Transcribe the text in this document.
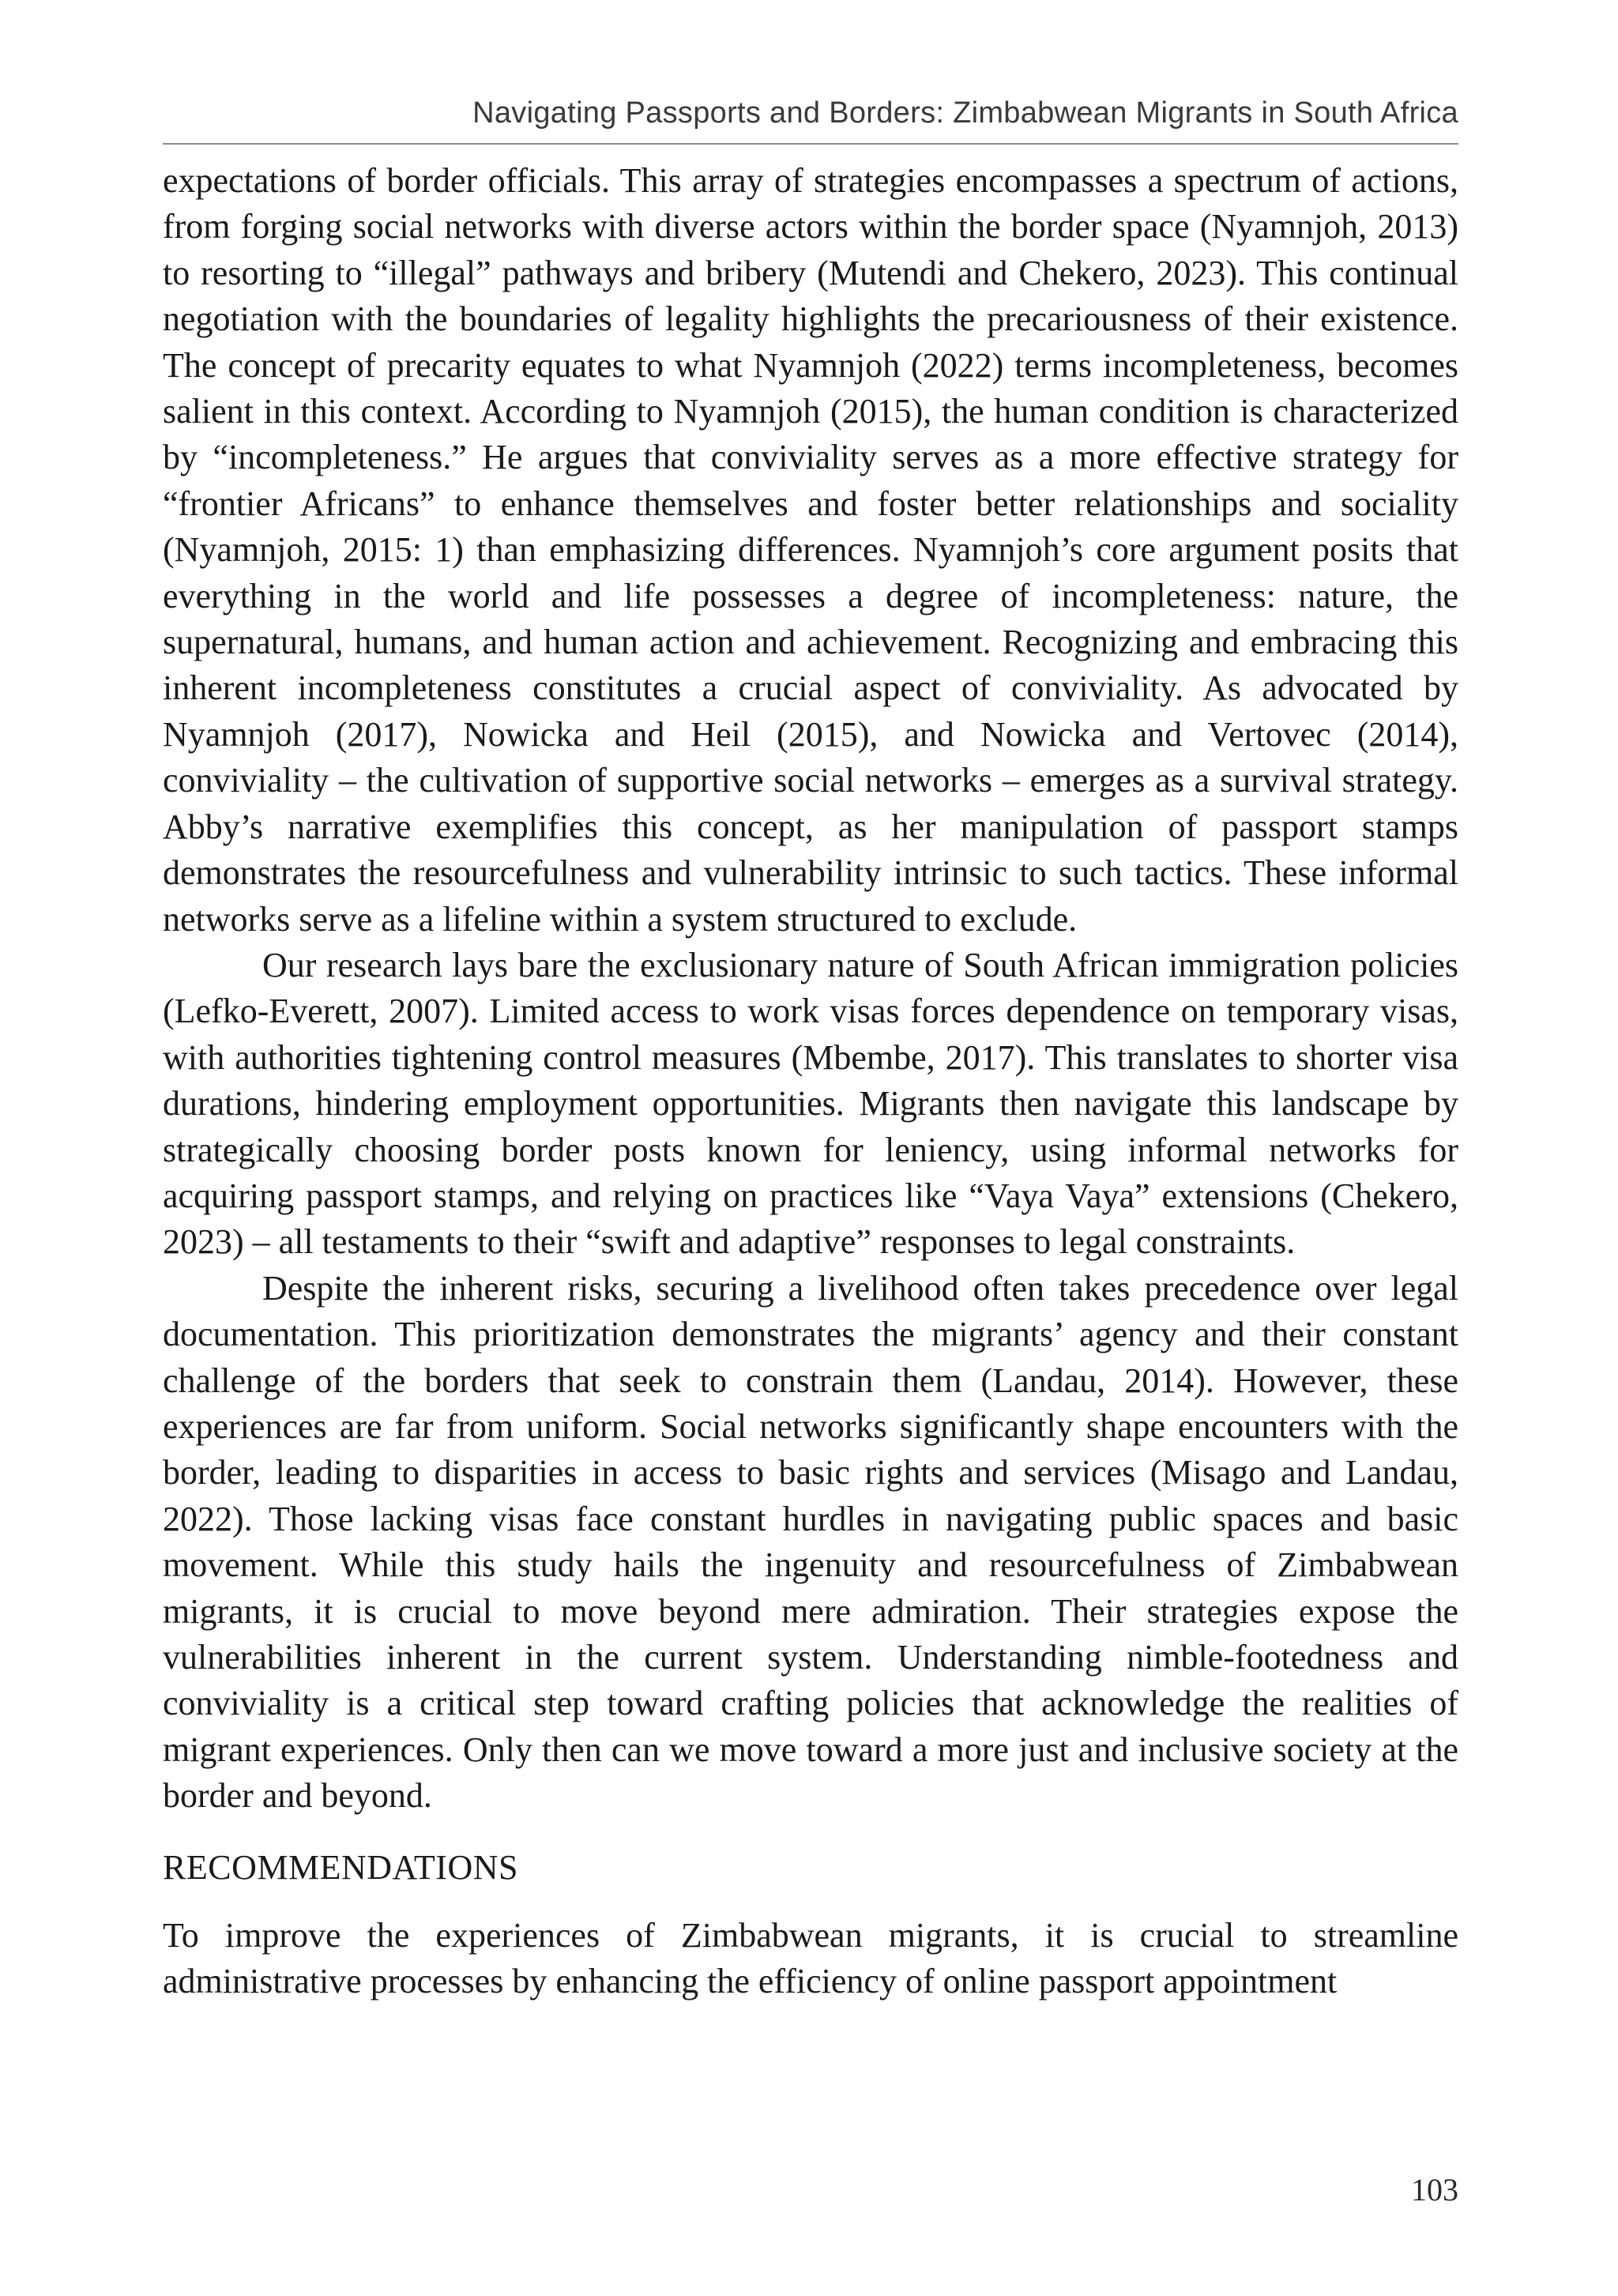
Navigating Passports and Borders: Zimbabwean Migrants in South Africa

expectations of border officials. This array of strategies encompasses a spectrum of actions, from forging social networks with diverse actors within the border space (Nyamnjoh, 2013) to resorting to “illegal” pathways and bribery (Mutendi and Chekero, 2023). This continual negotiation with the boundaries of legality highlights the precariousness of their existence. The concept of precarity equates to what Nyamnjoh (2022) terms incompleteness, becomes salient in this context. According to Nyamnjoh (2015), the human condition is characterized by “incompleteness.” He argues that conviviality serves as a more effective strategy for “frontier Africans” to enhance themselves and foster better relationships and sociality (Nyamnjoh, 2015: 1) than emphasizing differences. Nyamnjoh’s core argument posits that everything in the world and life possesses a degree of incompleteness: nature, the supernatural, humans, and human action and achievement. Recognizing and embracing this inherent incompleteness constitutes a crucial aspect of conviviality. As advocated by Nyamnjoh (2017), Nowicka and Heil (2015), and Nowicka and Vertovec (2014), conviviality – the cultivation of supportive social networks – emerges as a survival strategy. Abby’s narrative exemplifies this concept, as her manipulation of passport stamps demonstrates the resourcefulness and vulnerability intrinsic to such tactics. These informal networks serve as a lifeline within a system structured to exclude.

Our research lays bare the exclusionary nature of South African immigration policies (Lefko-Everett, 2007). Limited access to work visas forces dependence on temporary visas, with authorities tightening control measures (Mbembe, 2017). This translates to shorter visa durations, hindering employment opportunities. Migrants then navigate this landscape by strategically choosing border posts known for leniency, using informal networks for acquiring passport stamps, and relying on practices like “Vaya Vaya” extensions (Chekero, 2023) – all testaments to their “swift and adaptive” responses to legal constraints.

Despite the inherent risks, securing a livelihood often takes precedence over legal documentation. This prioritization demonstrates the migrants’ agency and their constant challenge of the borders that seek to constrain them (Landau, 2014). However, these experiences are far from uniform. Social networks significantly shape encounters with the border, leading to disparities in access to basic rights and services (Misago and Landau, 2022). Those lacking visas face constant hurdles in navigating public spaces and basic movement. While this study hails the ingenuity and resourcefulness of Zimbabwean migrants, it is crucial to move beyond mere admiration. Their strategies expose the vulnerabilities inherent in the current system. Understanding nimble-footedness and conviviality is a critical step toward crafting policies that acknowledge the realities of migrant experiences. Only then can we move toward a more just and inclusive society at the border and beyond.

RECOMMENDATIONS

To improve the experiences of Zimbabwean migrants, it is crucial to streamline administrative processes by enhancing the efficiency of online passport appointment

103
